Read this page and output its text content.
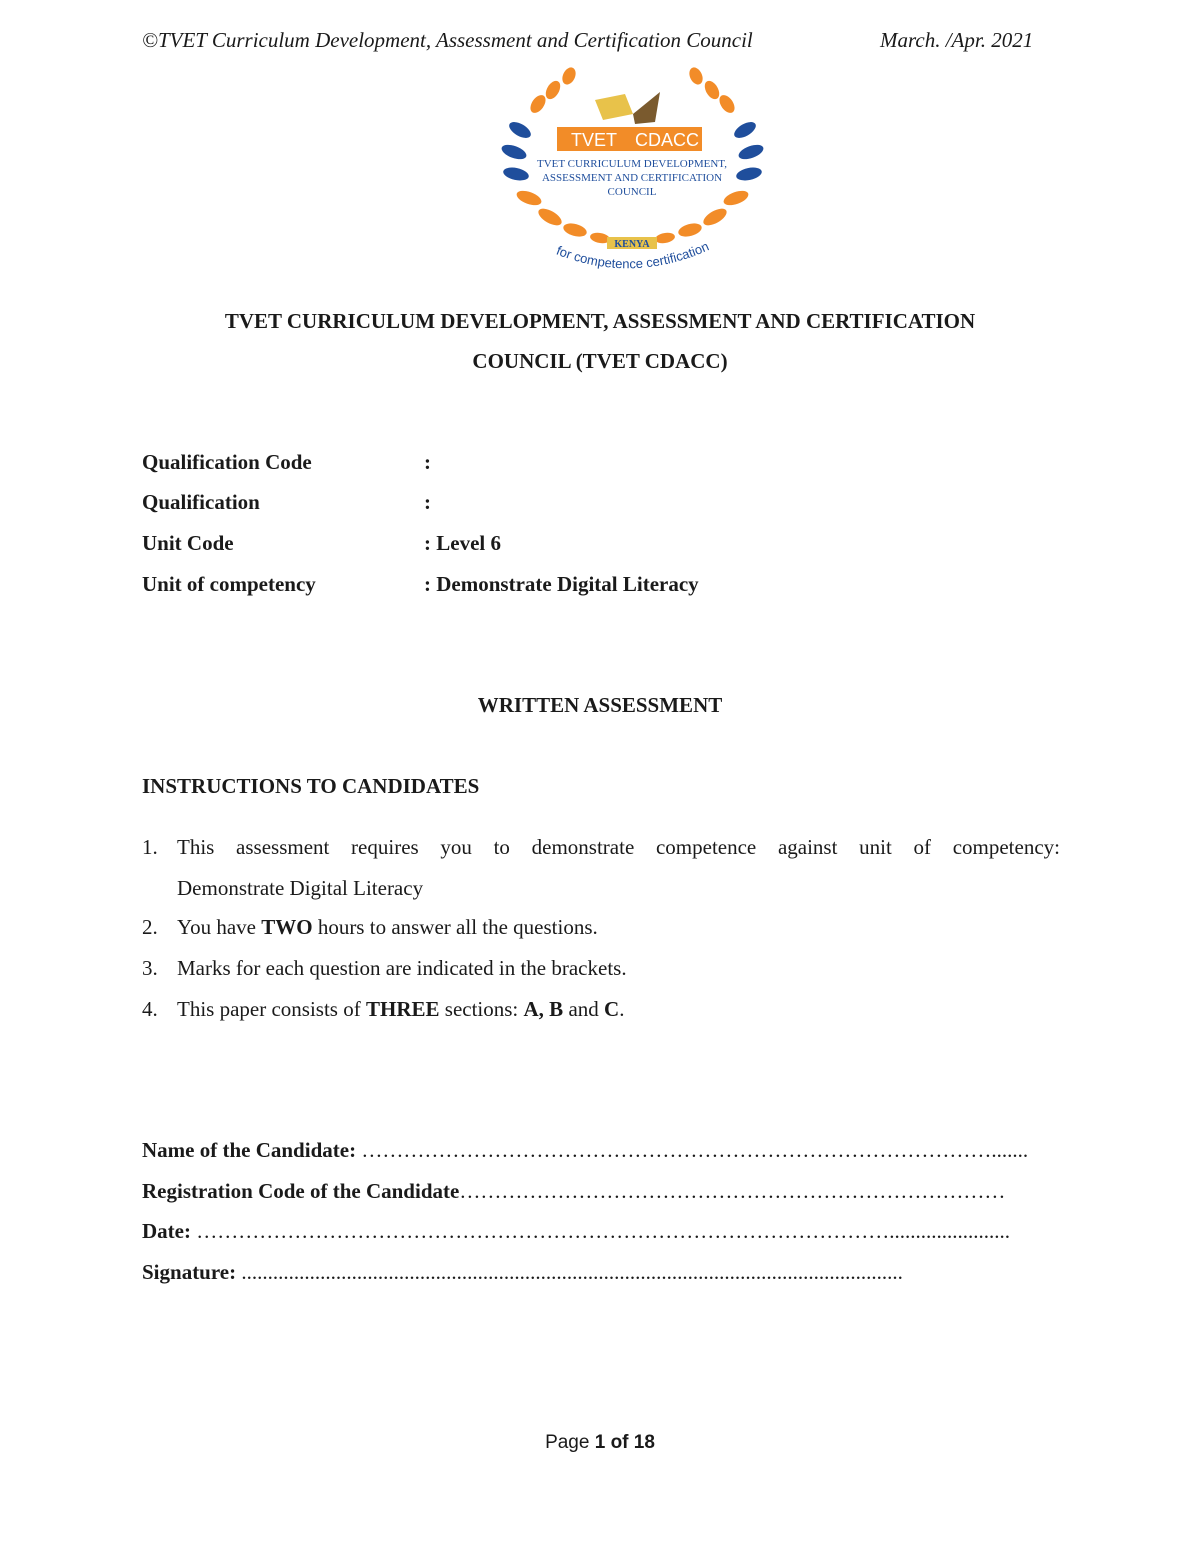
©TVET Curriculum Development, Assessment and Certification Council	March. /Apr. 2021
TVET CDACC
TVET CURRICULUM DEVELOPMENT,
ASSESSMENT AND CERTIFICATION
COUNCIL
KENYA
for competence certification
TVET CURRICULUM DEVELOPMENT, ASSESSMENT AND CERTIFICATION
COUNCIL (TVET CDACC)
Qualification Code	:
Qualification	:
Unit Code	: Level 6
Unit of competency	: Demonstrate Digital Literacy
WRITTEN ASSESSMENT
INSTRUCTIONS TO CANDIDATES
1. This assessment requires you to demonstrate competence against unit of competency:
Demonstrate Digital Literacy
2. You have TWO hours to answer all the questions.
3. Marks for each question are indicated in the brackets.
4. This paper consists of THREE sections: A, B and C.
Name of the Candidate: ……………………………………………………………………………….......
Registration Code of the Candidate……………………………………………………………………
Date: ……………………………………………………………………………………….......................
Signature: ..............................................................................................................................
Page 1 of 18
